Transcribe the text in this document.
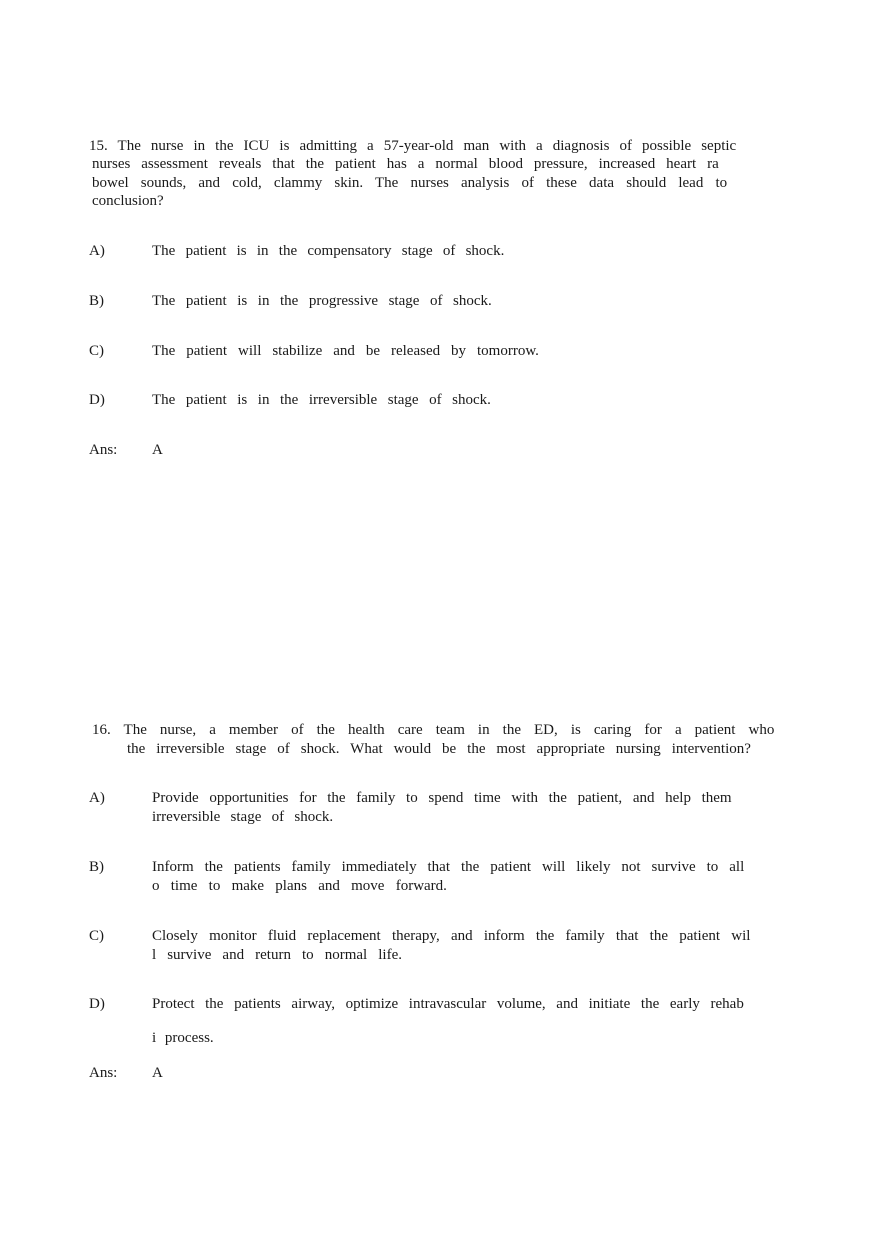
15. The nurse in the ICU is admitting a 57-year-old man with a diagnosis of possible septic
nurses assessment reveals that the patient has a normal blood pressure, increased heart ra
bowel sounds, and cold, clammy skin. The nurses analysis of these data should lead to
conclusion?
A)	The patient is in the compensatory stage of shock.
B)	The patient is in the progressive stage of shock.
C)	The patient will stabilize and be released by tomorrow.
D)	The patient is in the irreversible stage of shock.
Ans: A
16. The nurse, a member of the health care team in the ED, is caring for a patient who
the irreversible stage of shock. What would be the most appropriate nursing intervention?
A)	Provide opportunities for the family to spend time with the patient, and help them
irreversible stage of shock.
B)	Inform the patients family immediately that the patient will likely not survive to all
o time to make plans and move forward.
C)	Closely monitor fluid replacement therapy, and inform the family that the patient wil
l survive and return to normal life.
D)	Protect the patients airway, optimize intravascular volume, and initiate the early rehab
i process.
Ans: A
